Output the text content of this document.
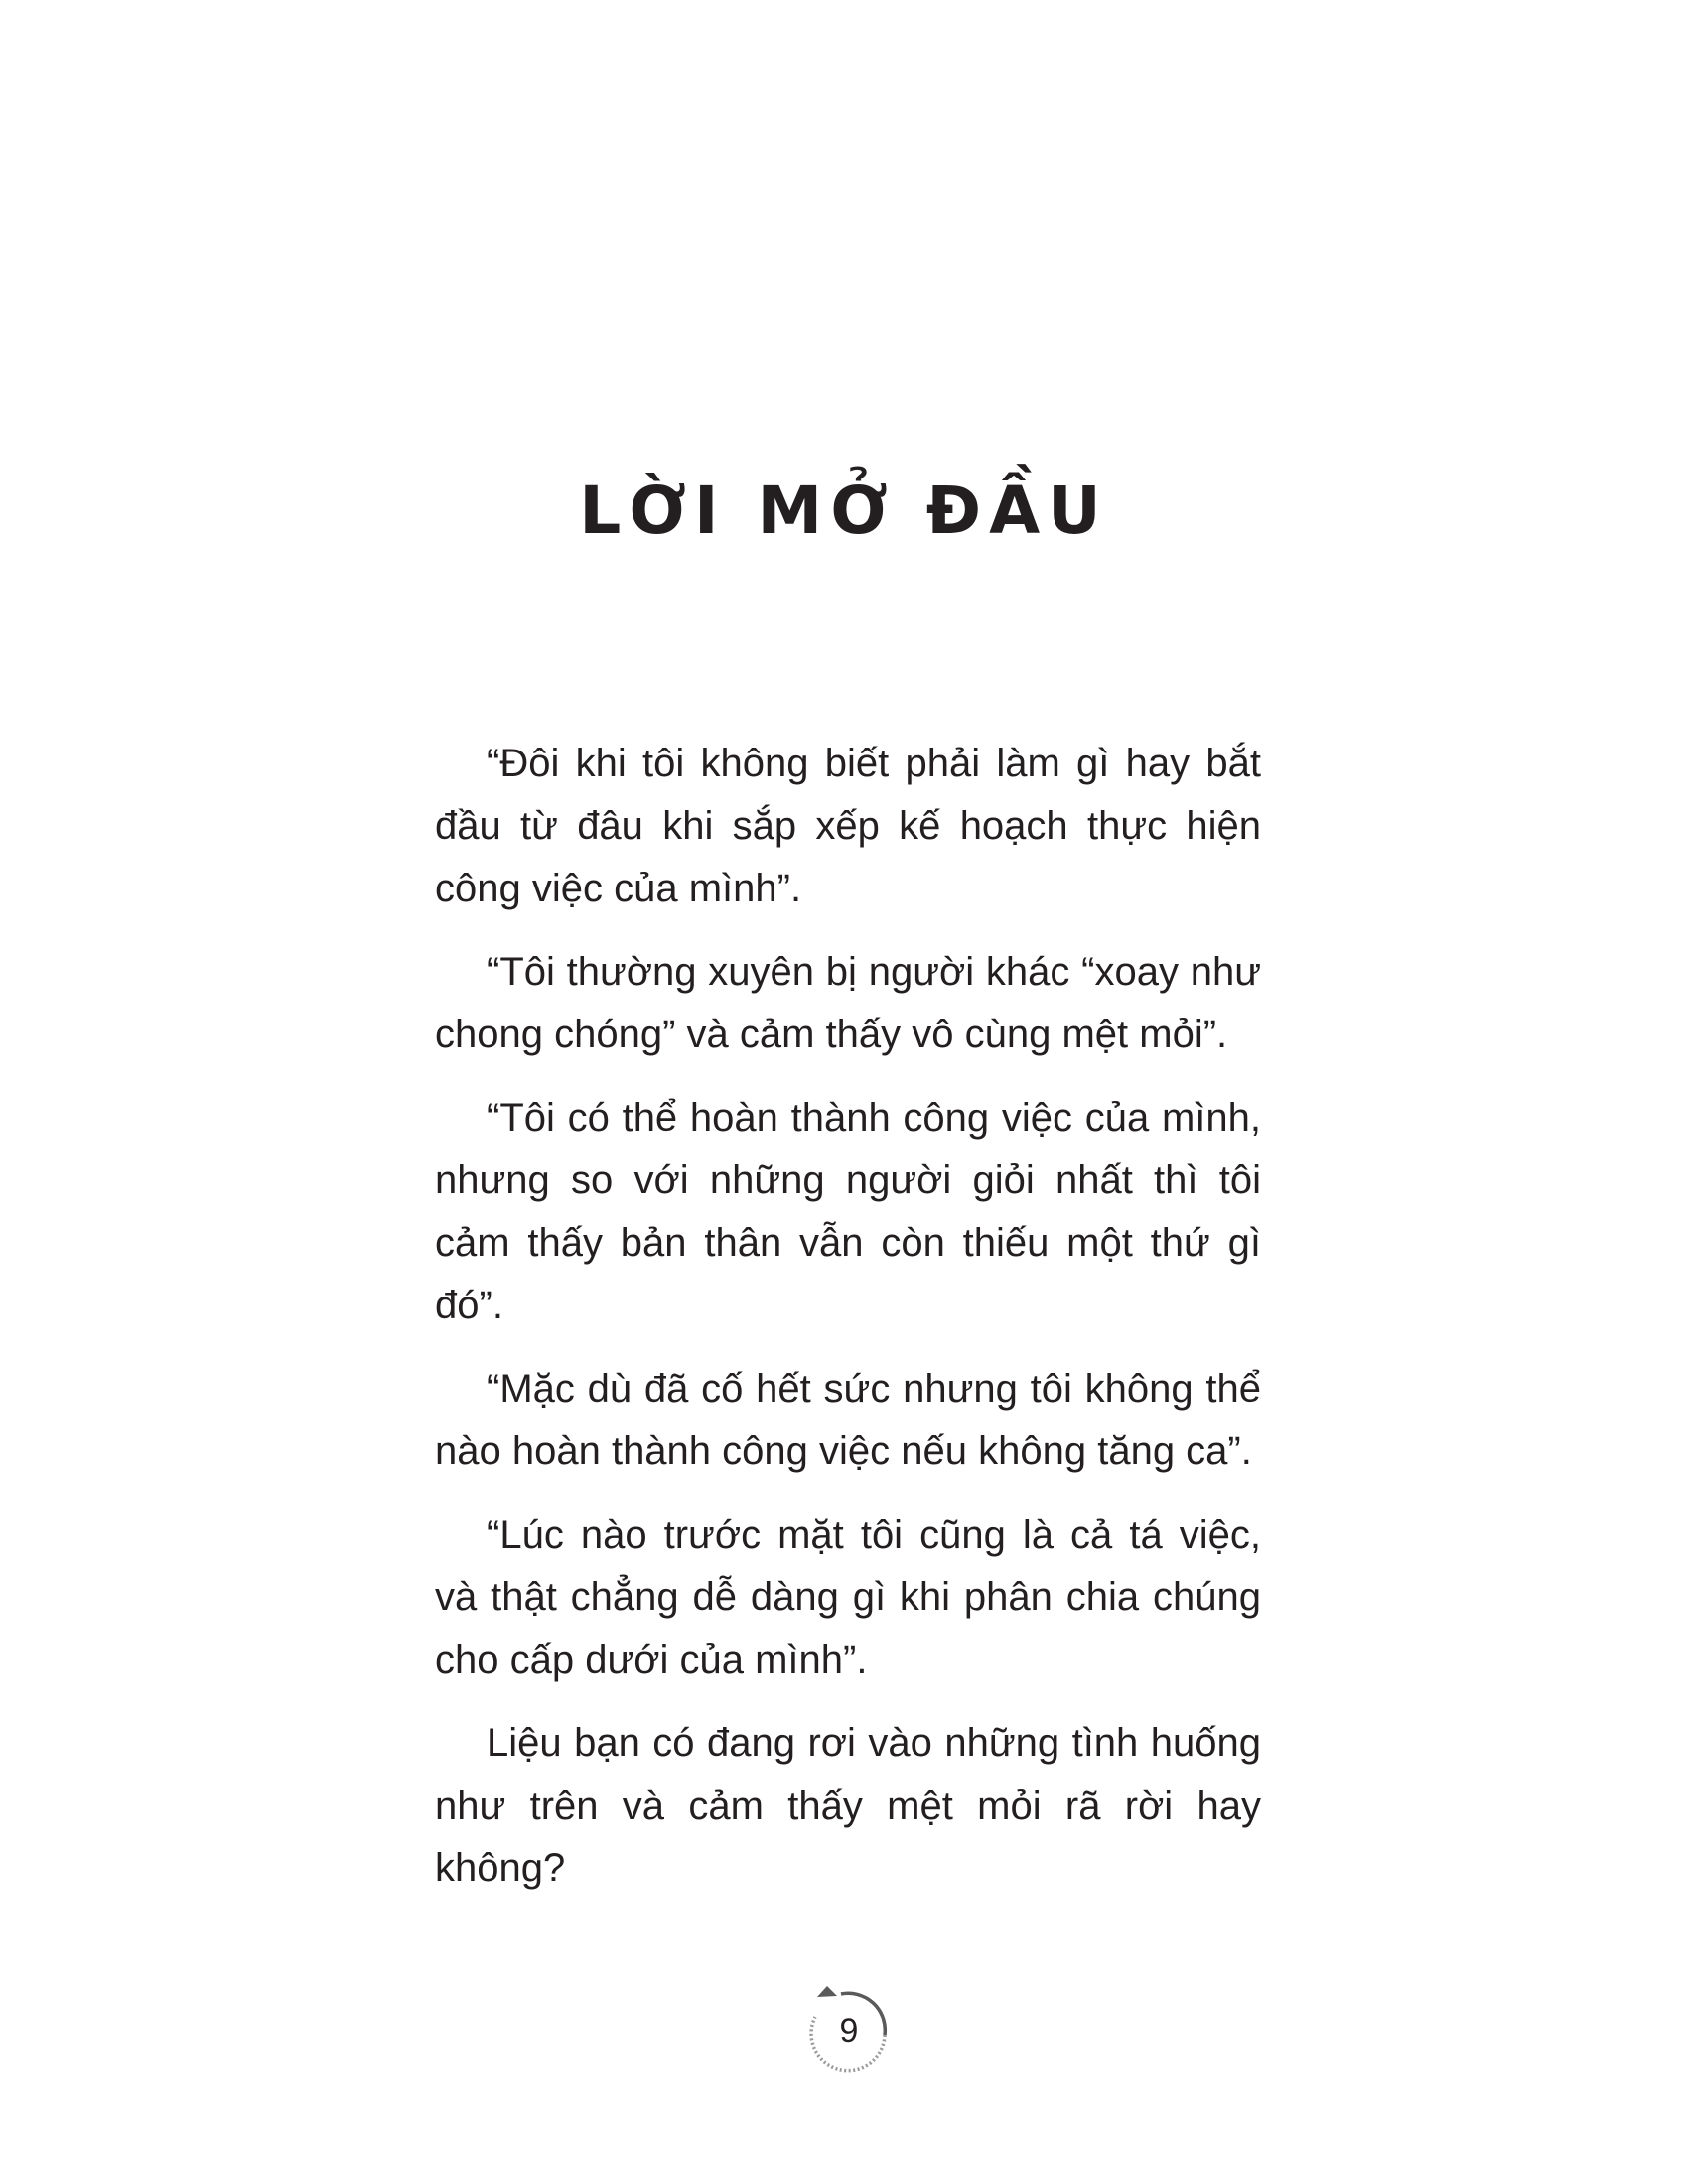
LỜI MỞ ĐẦU

“Đôi khi tôi không biết phải làm gì hay bắt đầu từ đâu khi sắp xếp kế hoạch thực hiện công việc của mình”.

“Tôi thường xuyên bị người khác “xoay như chong chóng” và cảm thấy vô cùng mệt mỏi”.

“Tôi có thể hoàn thành công việc của mình, nhưng so với những người giỏi nhất thì tôi cảm thấy bản thân vẫn còn thiếu một thứ gì đó”.

“Mặc dù đã cố hết sức nhưng tôi không thể nào hoàn thành công việc nếu không tăng ca”.

“Lúc nào trước mặt tôi cũng là cả tá việc, và thật chẳng dễ dàng gì khi phân chia chúng cho cấp dưới của mình”.

Liệu bạn có đang rơi vào những tình huống như trên và cảm thấy mệt mỏi rã rời hay không?

9
